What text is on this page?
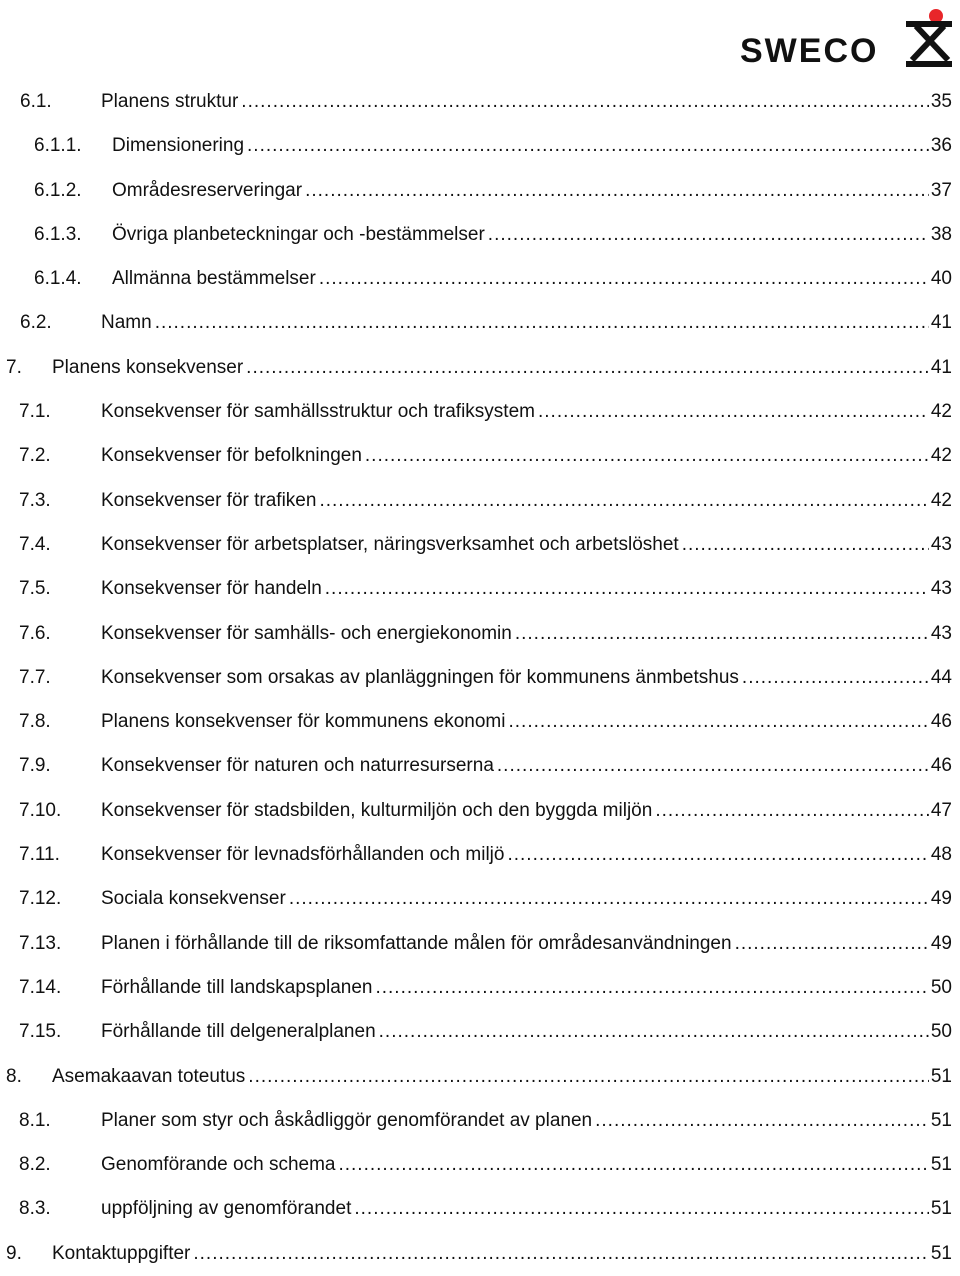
SWECO
6.1.	Planens struktur .....	35
6.1.1. Dimensionering .....	36
6.1.2. Områdesreserveringar .....	37
6.1.3. Övriga planbeteckningar och -bestämmelser .....	38
6.1.4. Allmänna bestämmelser .....	40
6.2.	Namn .....	41
7. Planens konsekvenser .....	41
7.1.	Konsekvenser för samhällsstruktur och trafiksystem .....	42
7.2.	Konsekvenser för befolkningen .....	42
7.3.	Konsekvenser för trafiken .....	42
7.4.	Konsekvenser för arbetsplatser, näringsverksamhet och arbetslöshet .....	43
7.5.	Konsekvenser för handeln .....	43
7.6.	Konsekvenser för samhälls- och energiekonomin .....	43
7.7.	Konsekvenser som orsakas av planläggningen för kommunens änmbetshus .....	44
7.8.	Planens konsekvenser för kommunens ekonomi .....	46
7.9.	Konsekvenser för naturen och naturresurserna .....	46
7.10. Konsekvenser för stadsbilden, kulturmiljön och den byggda miljön .....	47
7.11. Konsekvenser för levnadsförhållanden och miljö .....	48
7.12. Sociala konsekvenser .....	49
7.13. Planen i förhållande till de riksomfattande målen för områdesanvändningen .....	49
7.14. Förhållande till landskapsplanen .....	50
7.15. Förhållande till delgeneralplanen .....	50
8. Asemakaavan toteutus .....	51
8.1.	Planer som styr och åskådliggör genomförandet av planen .....	51
8.2.	Genomförande och schema .....	51
8.3.	uppföljning av genomförandet .....	51
9. Kontaktuppgifter .....	51
